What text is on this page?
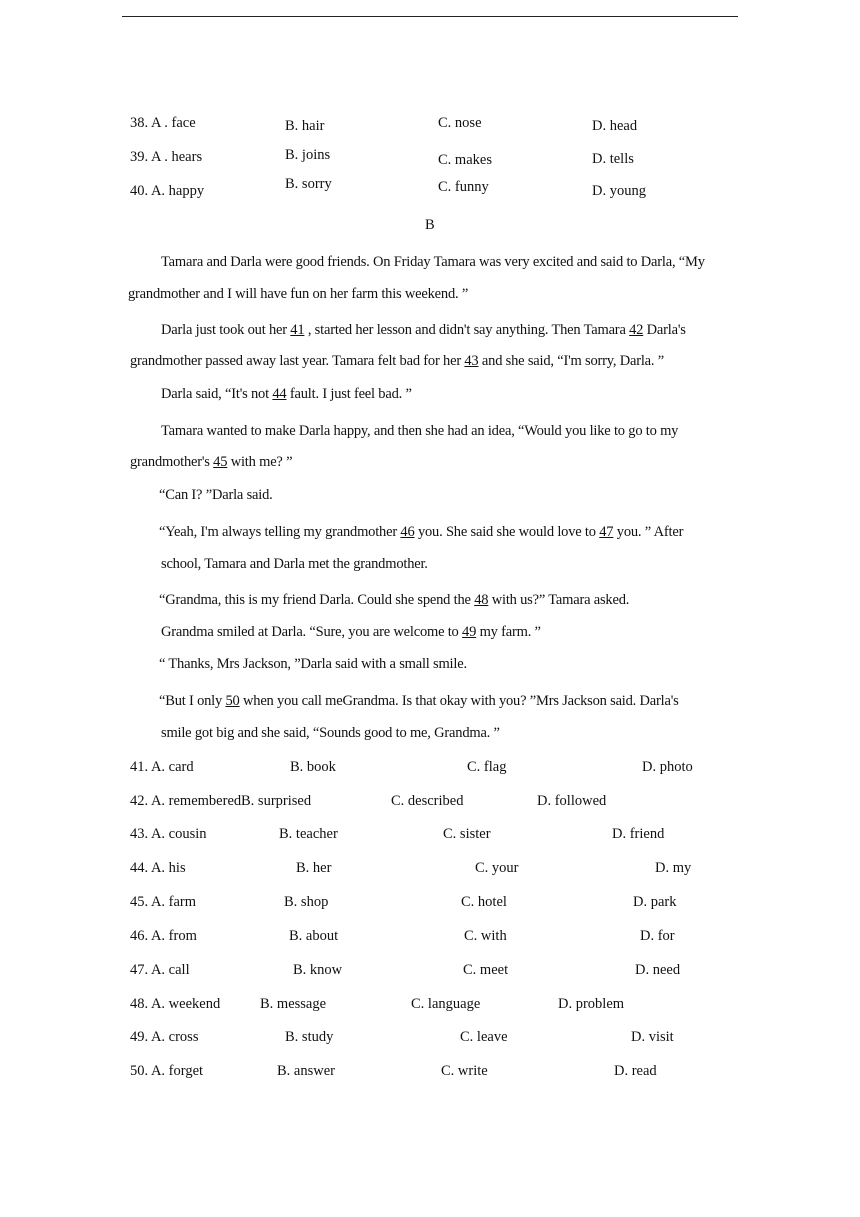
38. A . face	B. hair	C. nose	D. head
39. A . hears	B. joins	C. makes	D. tells
40. A. happy	B. sorry	C. funny	D. young
B
Tamara and Darla were good friends. On Friday Tamara was very excited and said to Darla, “My
grandmother and I will have fun on her farm this weekend. ”
Darla just took out her 41 , started her lesson and didn't say anything. Then Tamara 42 Darla's
grandmother passed away last year. Tamara felt bad for her 43 and she said, “I'm sorry, Darla. ”
Darla said, “It's not 44 fault. I just feel bad. ”
Tamara wanted to make Darla happy, and then she had an idea, “Would you like to go to my
grandmother's 45 with me? ”
“Can I? ”Darla said.
“Yeah, I'm always telling my grandmother 46 you. She said she would love to 47 you. ” After
school, Tamara and Darla met the grandmother.
“Grandma, this is my friend Darla. Could she spend the 48 with us?” Tamara asked.
Grandma smiled at Darla. “Sure, you are welcome to 49 my farm. ”
“ Thanks, Mrs Jackson, ”Darla said with a small smile.
“But I only 50 when you call meGrandma. Is that okay with you? ”Mrs Jackson said. Darla's
smile got big and she said, “Sounds good to me, Grandma. ”
41. A. card	B. book	C. flag	D. photo
42. A. remembered B. surprised	C. described	D. followed
43. A. cousin	B. teacher	C. sister	D. friend
44. A. his	B. her	C. your	D. my
45. A. farm	B. shop	C. hotel	D. park
46. A. from	B. about	C. with	D. for
47. A. call	B. know	C. meet	D. need
48. A. weekend	B. message	C. language	D. problem
49. A. cross	B. study	C. leave	D. visit
50. A. forget	B. answer	C. write	D. read
